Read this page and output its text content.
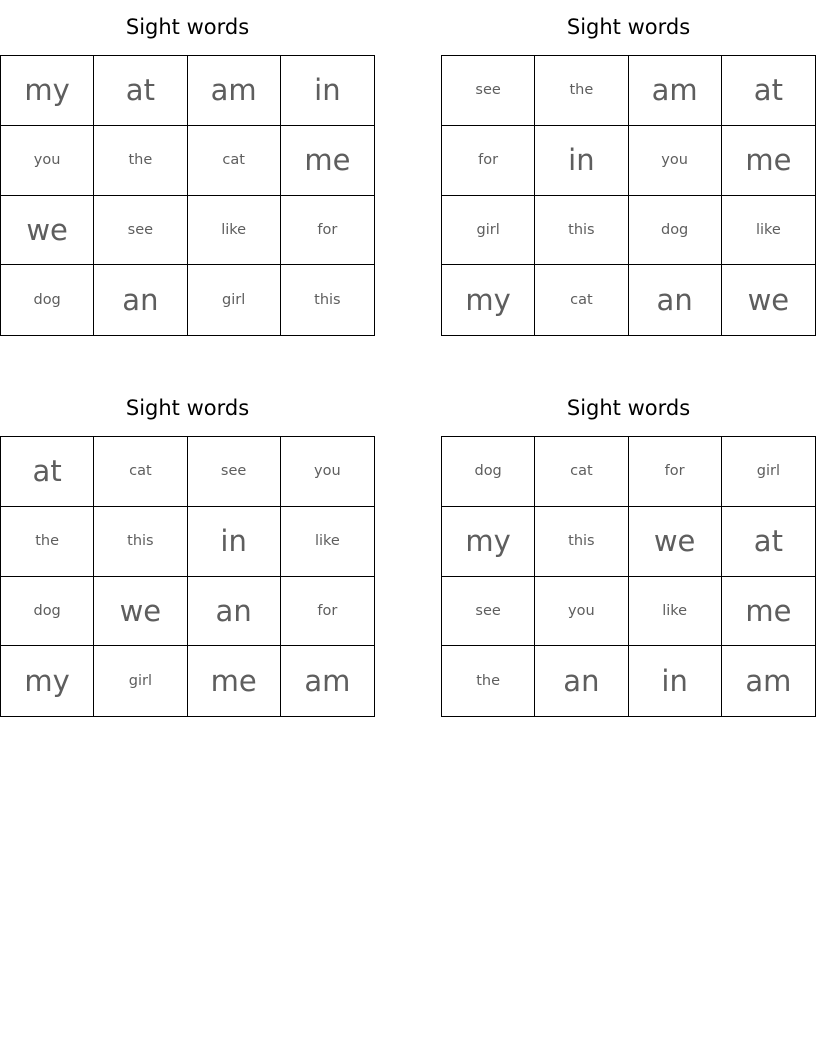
Sight words
my	at	am	in
you	the	cat	me
we	see	like	for
dog	an	girl	this
Sight words
see	the	am	at
for	in	you	me
girl	this	dog	like
my	cat	an	we
Sight words
at	cat	see	you
the	this	in	like
dog	we	an	for
my	girl	me	am
Sight words
dog	cat	for	girl
my	this	we	at
see	you	like	me
the	an	in	am
